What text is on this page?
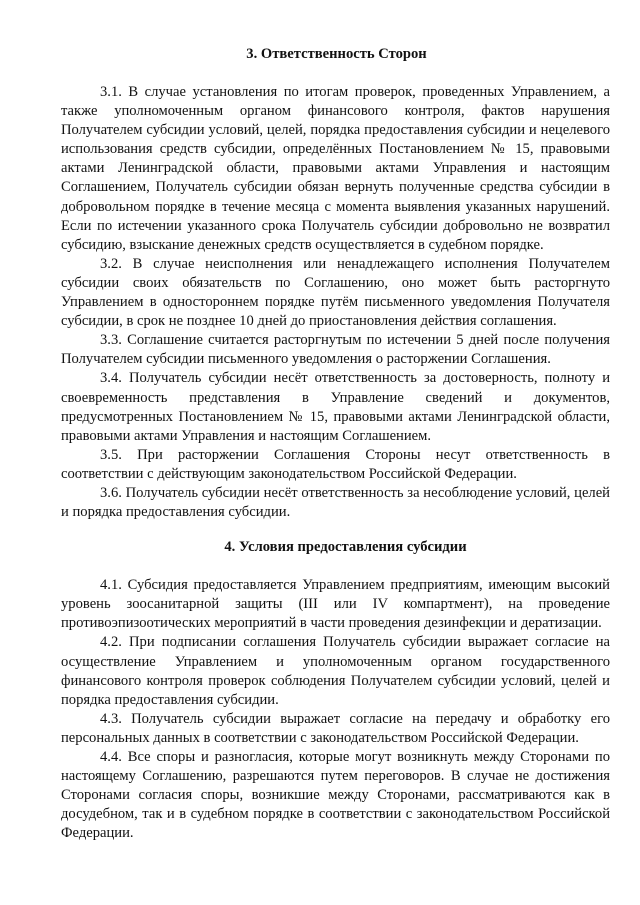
3. Ответственность Сторон

3.1. В случае установления по итогам проверок, проведенных Управлением, а также уполномоченным органом финансового контроля, фактов нарушения Получателем субсидии условий, целей, порядка предоставления субсидии и нецелевого использования средств субсидии, определённых Постановлением № 15, правовыми актами Ленинградской области, правовыми актами Управления и настоящим Соглашением, Получатель субсидии обязан вернуть полученные средства субсидии в добровольном порядке в течение месяца с момента выявления указанных нарушений. Если по истечении указанного срока Получатель субсидии добровольно не возвратил субсидию, взыскание денежных средств осуществляется в судебном порядке.

3.2. В случае неисполнения или ненадлежащего исполнения Получателем субсидии своих обязательств по Соглашению, оно может быть расторгнуто Управлением в одностороннем порядке путём письменного уведомления Получателя субсидии, в срок не позднее 10 дней до приостановления действия соглашения.

3.3. Соглашение считается расторгнутым по истечении 5 дней после получения Получателем субсидии письменного уведомления о расторжении Соглашения.

3.4. Получатель субсидии несёт ответственность за достоверность, полноту и своевременность представления в Управление сведений и документов, предусмотренных Постановлением № 15, правовыми актами Ленинградской области, правовыми актами Управления и настоящим Соглашением.

3.5. При расторжении Соглашения Стороны несут ответственность в соответствии с действующим законодательством Российской Федерации.

3.6. Получатель субсидии несёт ответственность за несоблюдение условий, целей и порядка предоставления субсидии.

4. Условия предоставления субсидии

4.1. Субсидия предоставляется Управлением предприятиям, имеющим высокий уровень зоосанитарной защиты (III или IV компартмент), на проведение противоэпизоотических мероприятий в части проведения дезинфекции и дератизации.

4.2. При подписании соглашения Получатель субсидии выражает согласие на осуществление Управлением и уполномоченным органом государственного финансового контроля проверок соблюдения Получателем субсидии условий, целей и порядка предоставления субсидии.

4.3. Получатель субсидии выражает согласие на передачу и обработку его персональных данных в соответствии с законодательством Российской Федерации.

4.4. Все споры и разногласия, которые могут возникнуть между Сторонами по настоящему Соглашению, разрешаются путем переговоров. В случае не достижения Сторонами согласия споры, возникшие между Сторонами, рассматриваются как в досудебном, так и в судебном порядке в соответствии с законодательством Российской Федерации.
